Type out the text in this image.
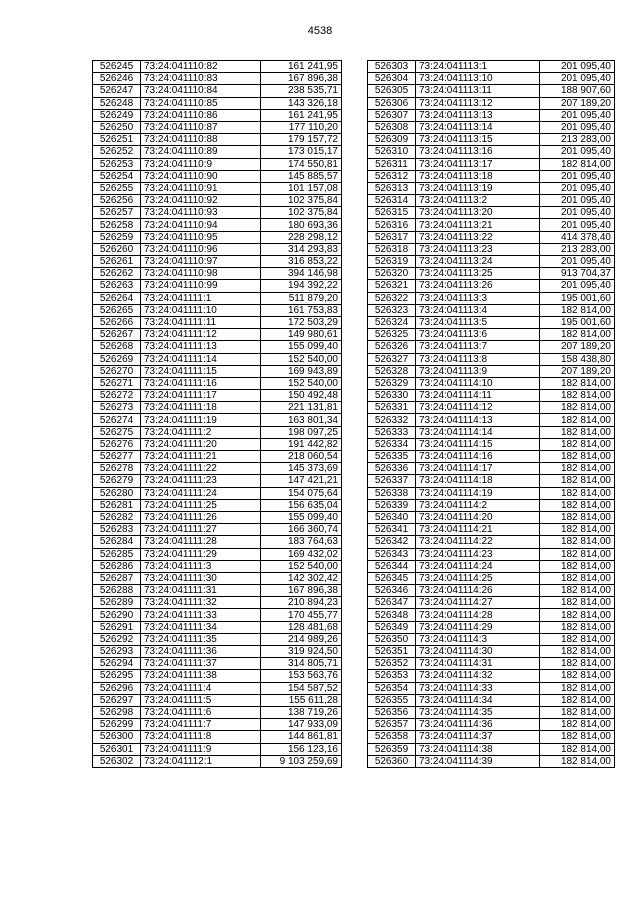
4538
526245	73:24:041110:82	161 241,95
526246	73:24:041110:83	167 896,38
526247	73:24:041110:84	238 535,71
526248	73:24:041110:85	143 326,18
526249	73:24:041110:86	161 241,95
526250	73:24:041110:87	177 110,20
526251	73:24:041110:88	179 157,72
526252	73:24:041110:89	173 015,17
526253	73:24:041110:9	174 550,81
526254	73:24:041110:90	145 885,57
526255	73:24:041110:91	101 157,08
526256	73:24:041110:92	102 375,84
526257	73:24:041110:93	102 375,84
526258	73:24:041110:94	180 693,36
526259	73:24:041110:95	228 298,12
526260	73:24:041110:96	314 293,83
526261	73:24:041110:97	316 853,22
526262	73:24:041110:98	394 146,98
526263	73:24:041110:99	194 392,22
526264	73:24:041111:1	511 879,20
526265	73:24:041111:10	161 753,83
526266	73:24:041111:11	172 503,29
526267	73:24:041111:12	149 980,61
526268	73:24:041111:13	155 099,40
526269	73:24:041111:14	152 540,00
526270	73:24:041111:15	169 943,89
526271	73:24:041111:16	152 540,00
526272	73:24:041111:17	150 492,48
526273	73:24:041111:18	221 131,81
526274	73:24:041111:19	163 801,34
526275	73:24:041111:2	198 097,25
526276	73:24:041111:20	191 442,82
526277	73:24:041111:21	218 060,54
526278	73:24:041111:22	145 373,69
526279	73:24:041111:23	147 421,21
526280	73:24:041111:24	154 075,64
526281	73:24:041111:25	156 635,04
526282	73:24:041111:26	155 099,40
526283	73:24:041111:27	166 360,74
526284	73:24:041111:28	183 764,63
526285	73:24:041111:29	169 432,02
526286	73:24:041111:3	152 540,00
526287	73:24:041111:30	142 302,42
526288	73:24:041111:31	167 896,38
526289	73:24:041111:32	210 894,23
526290	73:24:041111:33	170 455,77
526291	73:24:041111:34	128 481,68
526292	73:24:041111:35	214 989,26
526293	73:24:041111:36	319 924,50
526294	73:24:041111:37	314 805,71
526295	73:24:041111:38	153 563,76
526296	73:24:041111:4	154 587,52
526297	73:24:041111:5	155 611,28
526298	73:24:041111:6	138 719,26
526299	73:24:041111:7	147 933,09
526300	73:24:041111:8	144 861,81
526301	73:24:041111:9	156 123,16
526302	73:24:041112:1	9 103 259,69
526303	73:24:041113:1	201 095,40
526304	73:24:041113:10	201 095,40
526305	73:24:041113:11	188 907,60
526306	73:24:041113:12	207 189,20
526307	73:24:041113:13	201 095,40
526308	73:24:041113:14	201 095,40
526309	73:24:041113:15	213 283,00
526310	73:24:041113:16	201 095,40
526311	73:24:041113:17	182 814,00
526312	73:24:041113:18	201 095,40
526313	73:24:041113:19	201 095,40
526314	73:24:041113:2	201 095,40
526315	73:24:041113:20	201 095,40
526316	73:24:041113:21	201 095,40
526317	73:24:041113:22	414 378,40
526318	73:24:041113:23	213 283,00
526319	73:24:041113:24	201 095,40
526320	73:24:041113:25	913 704,37
526321	73:24:041113:26	201 095,40
526322	73:24:041113:3	195 001,60
526323	73:24:041113:4	182 814,00
526324	73:24:041113:5	195 001,60
526325	73:24:041113:6	182 814,00
526326	73:24:041113:7	207 189,20
526327	73:24:041113:8	158 438,80
526328	73:24:041113:9	207 189,20
526329	73:24:041114:10	182 814,00
526330	73:24:041114:11	182 814,00
526331	73:24:041114:12	182 814,00
526332	73:24:041114:13	182 814,00
526333	73:24:041114:14	182 814,00
526334	73:24:041114:15	182 814,00
526335	73:24:041114:16	182 814,00
526336	73:24:041114:17	182 814,00
526337	73:24:041114:18	182 814,00
526338	73:24:041114:19	182 814,00
526339	73:24:041114:2	182 814,00
526340	73:24:041114:20	182 814,00
526341	73:24:041114:21	182 814,00
526342	73:24:041114:22	182 814,00
526343	73:24:041114:23	182 814,00
526344	73:24:041114:24	182 814,00
526345	73:24:041114:25	182 814,00
526346	73:24:041114:26	182 814,00
526347	73:24:041114:27	182 814,00
526348	73:24:041114:28	182 814,00
526349	73:24:041114:29	182 814,00
526350	73:24:041114:3	182 814,00
526351	73:24:041114:30	182 814,00
526352	73:24:041114:31	182 814,00
526353	73:24:041114:32	182 814,00
526354	73:24:041114:33	182 814,00
526355	73:24:041114:34	182 814,00
526356	73:24:041114:35	182 814,00
526357	73:24:041114:36	182 814,00
526358	73:24:041114:37	182 814,00
526359	73:24:041114:38	182 814,00
526360	73:24:041114:39	182 814,00
